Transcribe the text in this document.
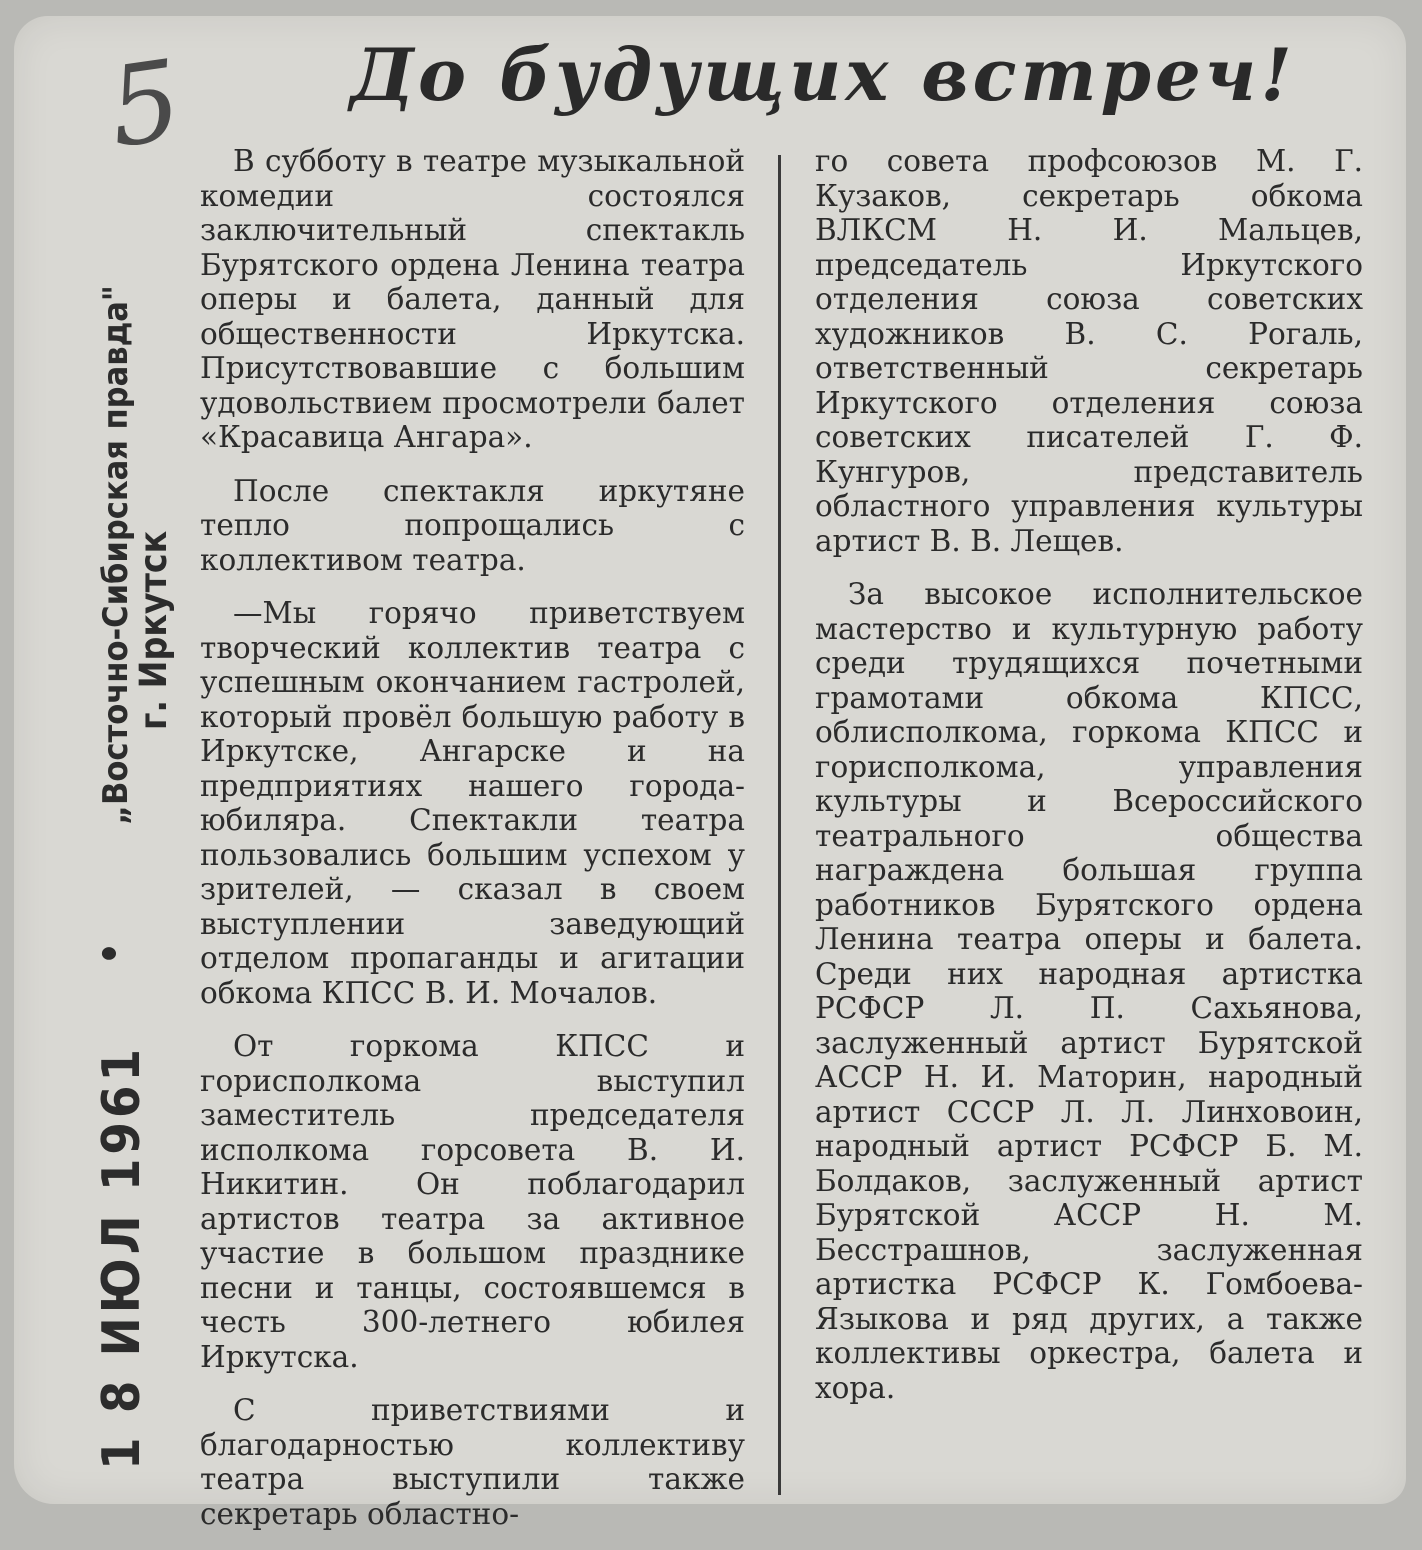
5 До будущих встреч!
1 8 ИЮЛ 1961
•
„Восточно-Сибирская правда"
г. Иркутск

В субботу в театре музыкальной комедии состоялся заключительный спектакль Бурятского ордена Ленина театра оперы и балета, данный для общественности Иркутска. Присутствовавшие с большим удовольствием просмотрели балет «Красавица Ангара».

После спектакля иркутяне тепло попрощались с коллективом театра.

—Мы горячо приветствуем творческий коллектив театра с успешным окончанием гастролей, который провёл большую работу в Иркутске, Ангарске и на предприятиях нашего города-юбиляра. Спектакли театра пользовались большим успехом у зрителей, — сказал в своем выступлении заведующий отделом пропаганды и агитации обкома КПСС В. И. Мочалов.

От горкома КПСС и горисполкома выступил заместитель председателя исполкома горсовета В. И. Никитин. Он поблагодарил артистов театра за активное участие в большом празднике песни и танцы, состоявшемся в честь 300-летнего юбилея Иркутска.

С приветствиями и благодарностью коллективу театра выступили также секретарь областно-

го совета профсоюзов М. Г. Кузаков, секретарь обкома ВЛКСМ Н. И. Мальцев, председатель Иркутского отделения союза советских художников В. С. Рогаль, ответственный секретарь Иркутского отделения союза советских писателей Г. Ф. Кунгуров, представитель областного управления культуры артист В. В. Лещев.

За высокое исполнительское мастерство и культурную работу среди трудящихся почетными грамотами обкома КПСС, облисполкома, горкома КПСС и горисполкома, управления культуры и Всероссийского театрального общества награждена большая группа работников Бурятского ордена Ленина театра оперы и балета. Среди них народная артистка РСФСР Л. П. Сахьянова, заслуженный артист Бурятской АССР Н. И. Маторин, народный артист СССР Л. Л. Линховоин, народный артист РСФСР Б. М. Болдаков, заслуженный артист Бурятской АССР Н. М. Бесстрашнов, заслуженная артистка РСФСР К. Гомбоева-Языкова и ряд других, а также коллективы оркестра, балета и хора.
